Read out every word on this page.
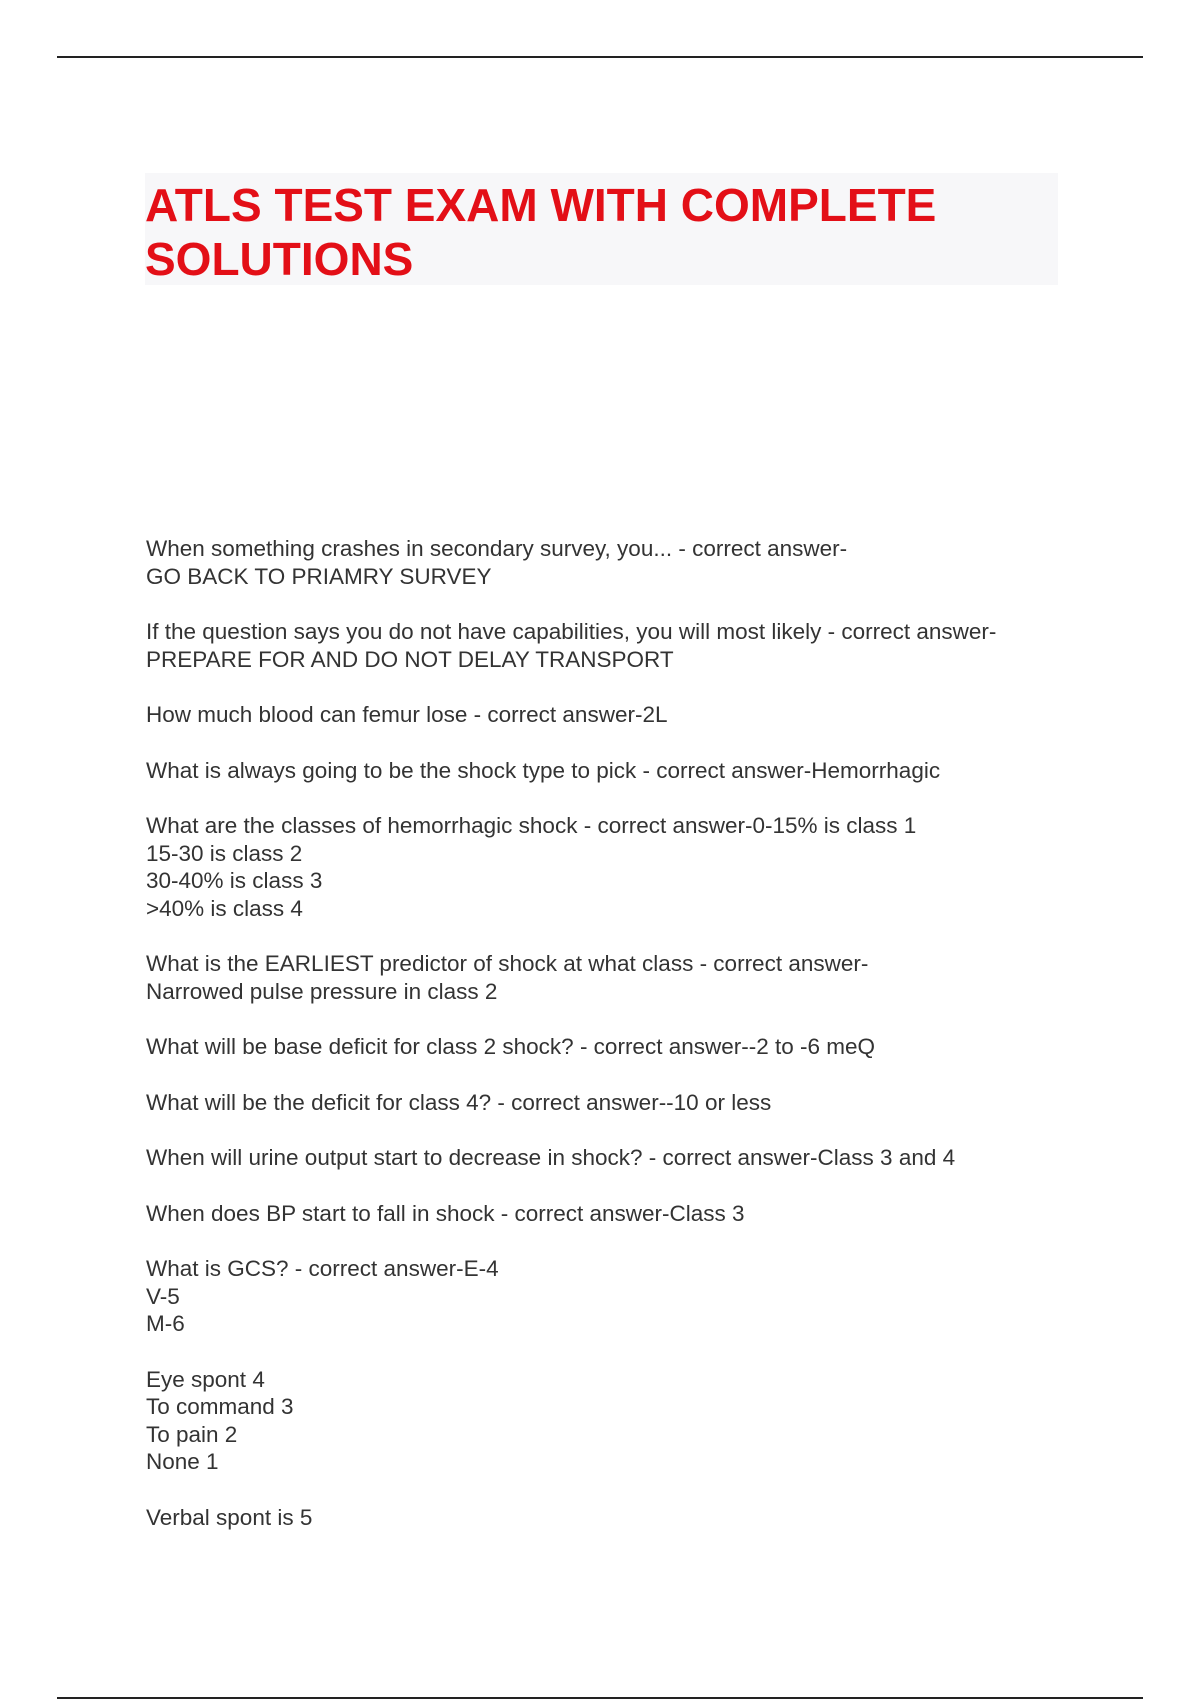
ATLS TEST EXAM WITH COMPLETE
SOLUTIONS
When something crashes in secondary survey, you... - correct answer-
GO BACK TO PRIAMRY SURVEY
If the question says you do not have capabilities, you will most likely - correct answer-
PREPARE FOR AND DO NOT DELAY TRANSPORT
How much blood can femur lose - correct answer-2L
What is always going to be the shock type to pick - correct answer-Hemorrhagic
What are the classes of hemorrhagic shock - correct answer-0-15% is class 1
15-30 is class 2
30-40% is class 3
>40% is class 4
What is the EARLIEST predictor of shock at what class - correct answer-
Narrowed pulse pressure in class 2
What will be base deficit for class 2 shock? - correct answer--2 to -6 meQ
What will be the deficit for class 4? - correct answer--10 or less
When will urine output start to decrease in shock? - correct answer-Class 3 and 4
When does BP start to fall in shock - correct answer-Class 3
What is GCS? - correct answer-E-4
V-5
M-6
Eye spont 4
To command 3
To pain 2
None 1
Verbal spont is 5
